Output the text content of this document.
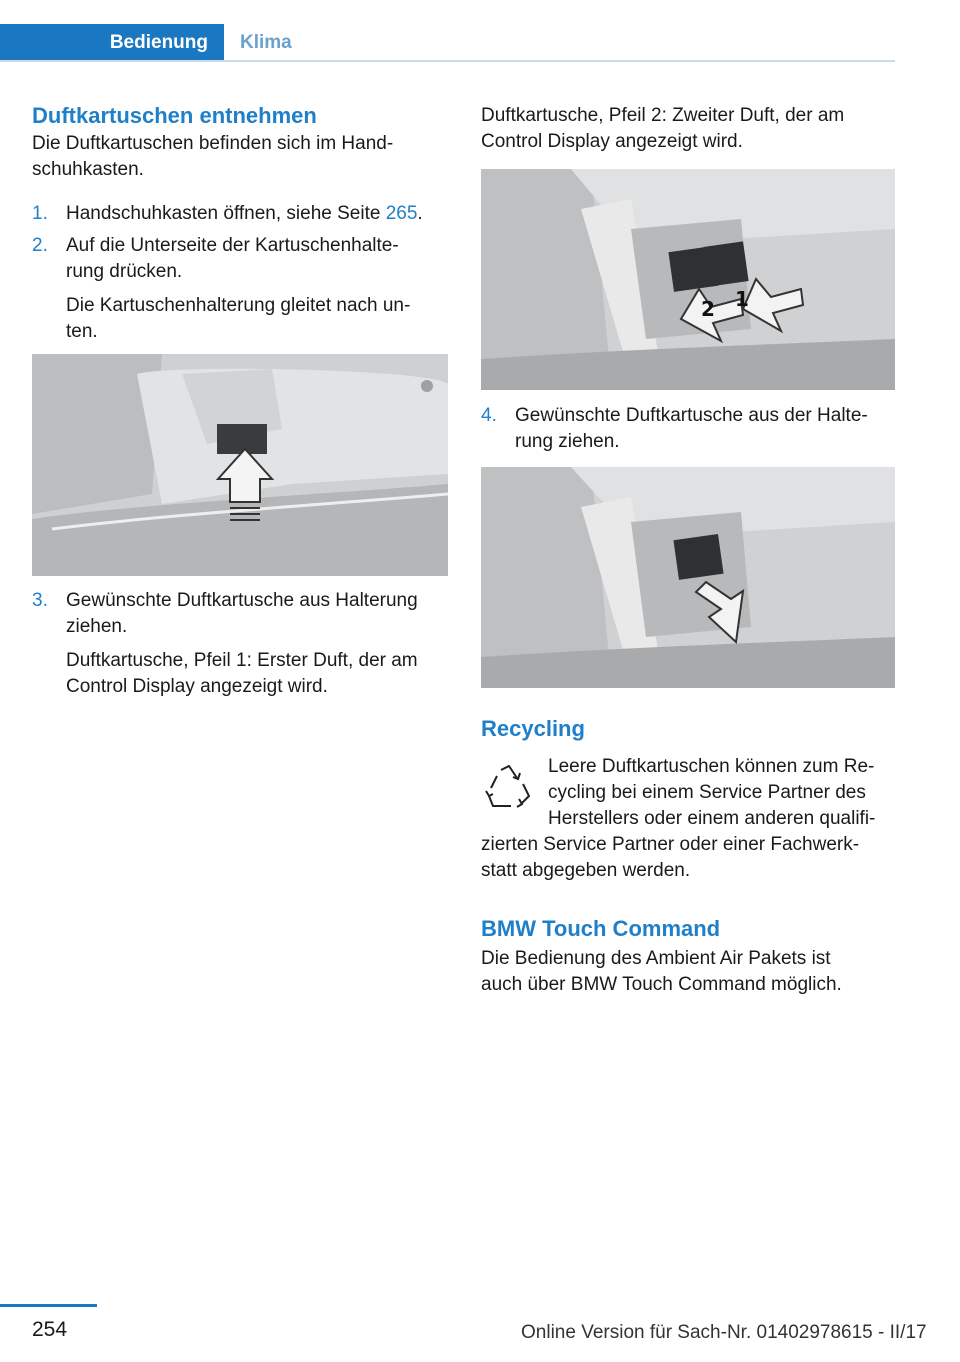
Bedienung	Klima
Duftkartuschen entnehmen
Die Duftkartuschen befinden sich im Hand-
schuhkasten.
1. Handschuhkasten öffnen, siehe Seite 265.
2. Auf die Unterseite der Kartuschenhalte-
rung drücken.
Die Kartuschenhalterung gleitet nach un-
ten.
3. Gewünschte Duftkartusche aus Halterung
ziehen.
Duftkartusche, Pfeil 1: Erster Duft, der am
Control Display angezeigt wird.
Duftkartusche, Pfeil 2: Zweiter Duft, der am
Control Display angezeigt wird.
2 1
4. Gewünschte Duftkartusche aus der Halte-
rung ziehen.
Recycling
Leere Duftkartuschen können zum Re-
cycling bei einem Service Partner des
Herstellers oder einem anderen qualifi-
zierten Service Partner oder einer Fachwerk-
statt abgegeben werden.
BMW Touch Command
Die Bedienung des Ambient Air Pakets ist
auch über BMW Touch Command möglich.
254	Online Version für Sach-Nr. 01402978615 - II/17
